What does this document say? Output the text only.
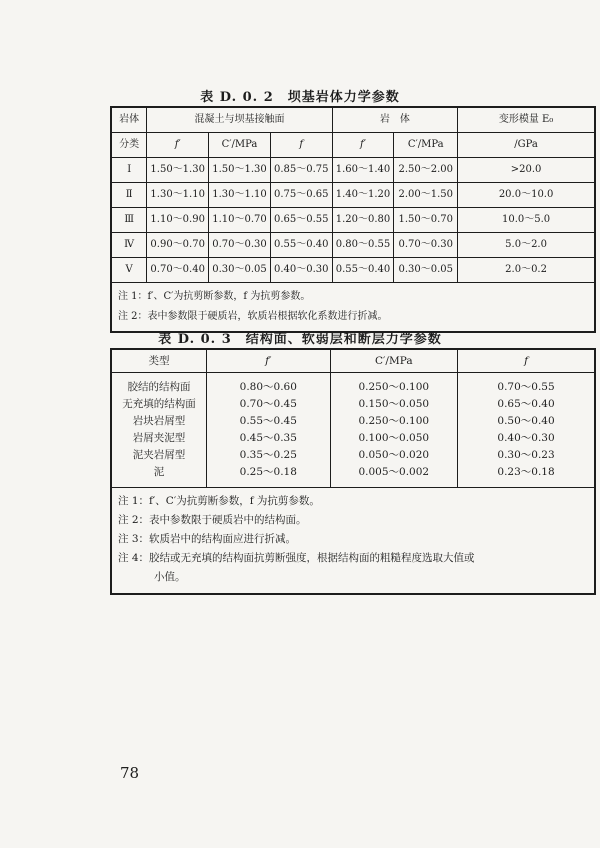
表 D. 0. 2　坝基岩体力学参数
岩体	混凝土与坝基接触面			岩　体		变形模量 E₀
分类	f′	C′/MPa	f	f′	C′/MPa	/GPa
Ⅰ	1.50～1.30	1.50～1.30	0.85～0.75	1.60～1.40	2.50～2.00	>20.0
Ⅱ	1.30～1.10	1.30～1.10	0.75～0.65	1.40～1.20	2.00～1.50	20.0～10.0
Ⅲ	1.10～0.90	1.10～0.70	0.65～0.55	1.20～0.80	1.50～0.70	10.0～5.0
Ⅳ	0.90～0.70	0.70～0.30	0.55～0.40	0.80～0.55	0.70～0.30	5.0～2.0
Ⅴ	0.70～0.40	0.30～0.05	0.40～0.30	0.55～0.40	0.30～0.05	2.0～0.2
注 1：f′、C′为抗剪断参数，f 为抗剪参数。						
注 2：表中参数限于硬质岩，软质岩根据软化系数进行折减。						
表 D. 0. 3　结构面、软弱层和断层力学参数
类型	f′	C′/MPa	f
胶结的结构面	0.80～0.60	0.250～0.100	0.70～0.55
无充填的结构面	0.70～0.45	0.150～0.050	0.65～0.40
岩块岩屑型	0.55～0.45	0.250～0.100	0.50～0.40
岩屑夹泥型	0.45～0.35	0.100～0.050	0.40～0.30
泥夹岩屑型	0.35～0.25	0.050～0.020	0.30～0.23
泥	0.25～0.18	0.005～0.002	0.23～0.18
注 1：f′、C′为抗剪断参数，f 为抗剪参数。			
注 2：表中参数限于硬质岩中的结构面。			
注 3：软质岩中的结构面应进行折减。			
注 4：胶结或无充填的结构面抗剪断强度，根据结构面的粗糙程度选取大值或			
小值。			
78
